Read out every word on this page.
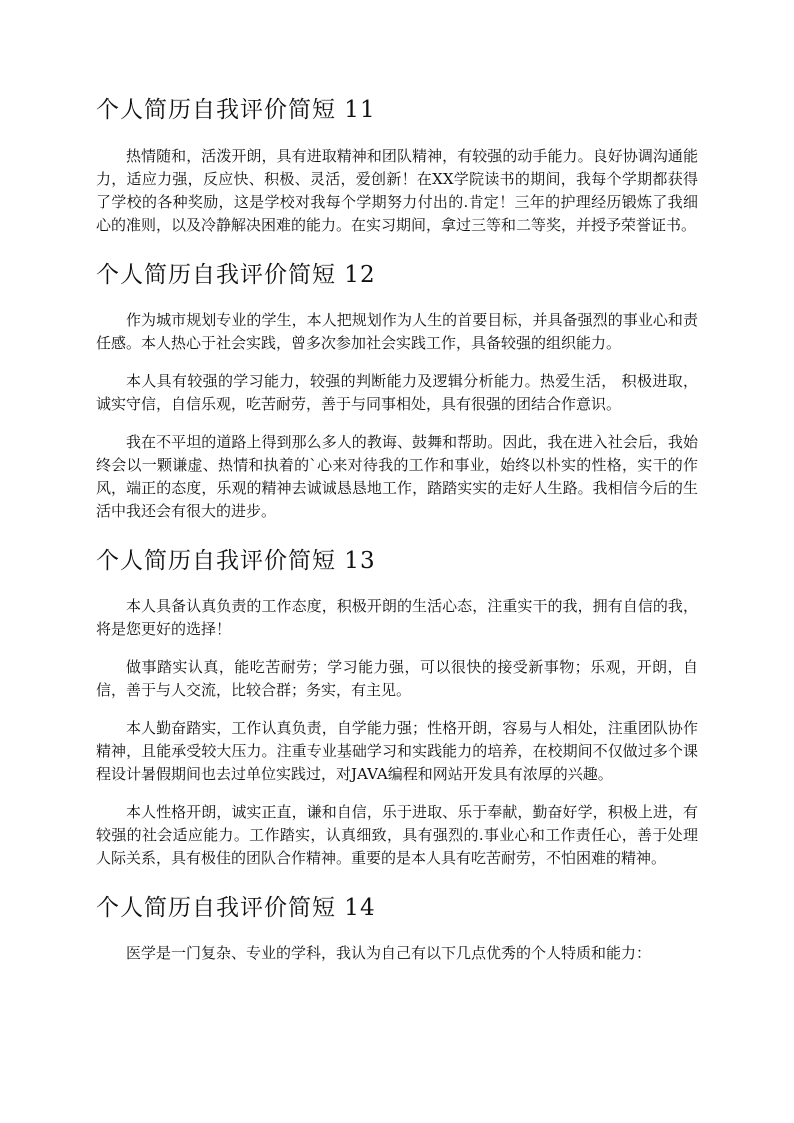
个人简历自我评价简短 11

热情随和，活泼开朗，具有进取精神和团队精神，有较强的动手能力。良好协调沟通能力，适应力强，反应快、积极、灵活，爱创新！在XX学院读书的期间，我每个学期都获得了学校的各种奖励，这是学校对我每个学期努力付出的.肯定！三年的护理经历锻炼了我细心的准则，以及冷静解决困难的能力。在实习期间，拿过三等和二等奖，并授予荣誉证书。

个人简历自我评价简短 12

作为城市规划专业的学生，本人把规划作为人生的首要目标，并具备强烈的事业心和责任感。本人热心于社会实践，曾多次参加社会实践工作，具备较强的组织能力。

本人具有较强的学习能力，较强的判断能力及逻辑分析能力。热爱生活， 积极进取，诚实守信，自信乐观，吃苦耐劳，善于与同事相处，具有很强的团结合作意识。

我在不平坦的道路上得到那么多人的教诲、鼓舞和帮助。因此，我在进入社会后，我始终会以一颗谦虚、热情和执着的`心来对待我的工作和事业，始终以朴实的性格，实干的作风，端正的态度，乐观的精神去诚诚恳恳地工作，踏踏实实的走好人生路。我相信今后的生活中我还会有很大的进步。

个人简历自我评价简短 13

本人具备认真负责的工作态度，积极开朗的生活心态，注重实干的我，拥有自信的我，将是您更好的选择！

做事踏实认真，能吃苦耐劳；学习能力强，可以很快的接受新事物；乐观，开朗，自信，善于与人交流，比较合群；务实，有主见。

本人勤奋踏实，工作认真负责，自学能力强；性格开朗，容易与人相处，注重团队协作精神，且能承受较大压力。注重专业基础学习和实践能力的培养，在校期间不仅做过多个课程设计暑假期间也去过单位实践过，对JAVA编程和网站开发具有浓厚的兴趣。

本人性格开朗，诚实正直，谦和自信，乐于进取、乐于奉献，勤奋好学，积极上进，有较强的社会适应能力。工作踏实，认真细致，具有强烈的.事业心和工作责任心，善于处理人际关系，具有极佳的团队合作精神。重要的是本人具有吃苦耐劳，不怕困难的精神。

个人简历自我评价简短 14

医学是一门复杂、专业的学科，我认为自己有以下几点优秀的个人特质和能力：
